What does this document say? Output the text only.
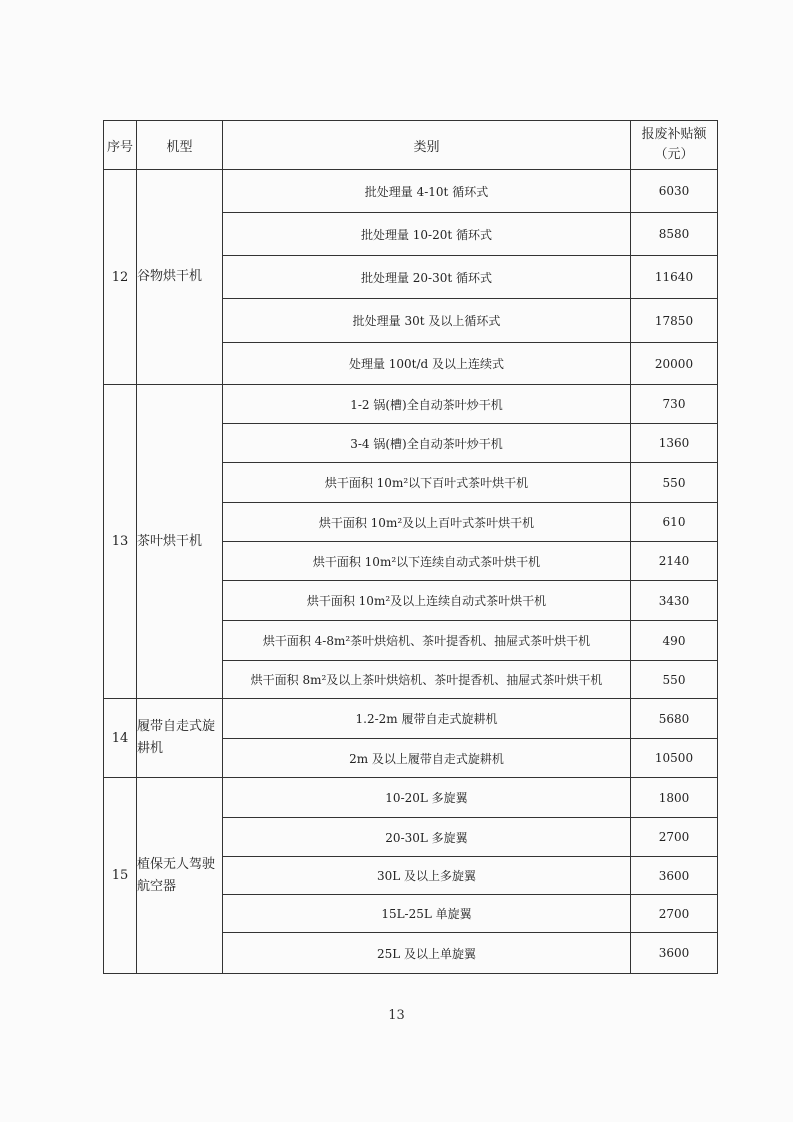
序号	机型	类别	报废补贴额
（元）

12	谷物烘干机	批处理量 4-10t 循环式	6030
		批处理量 10-20t 循环式	8580
		批处理量 20-30t 循环式	11640
		批处理量 30t 及以上循环式	17850
		处理量 100t/d 及以上连续式	20000
13	茶叶烘干机	1-2 锅(槽)全自动茶叶炒干机	730
		3-4 锅(槽)全自动茶叶炒干机	1360
		烘干面积 10m²以下百叶式茶叶烘干机	550
		烘干面积 10m²及以上百叶式茶叶烘干机	610
		烘干面积 10m²以下连续自动式茶叶烘干机	2140
		烘干面积 10m²及以上连续自动式茶叶烘干机	3430
		烘干面积 4-8m²茶叶烘焙机、茶叶提香机、抽屉式茶叶烘干机	490
		烘干面积 8m²及以上茶叶烘焙机、茶叶提香机、抽屉式茶叶烘干机	550
14	履带自走式旋耕机	1.2-2m 履带自走式旋耕机	5680
		2m 及以上履带自走式旋耕机	10500
15	植保无人驾驶航空器	10-20L 多旋翼	1800
		20-30L 多旋翼	2700
		30L 及以上多旋翼	3600
		15L-25L 单旋翼	2700
		25L 及以上单旋翼	3600
13
